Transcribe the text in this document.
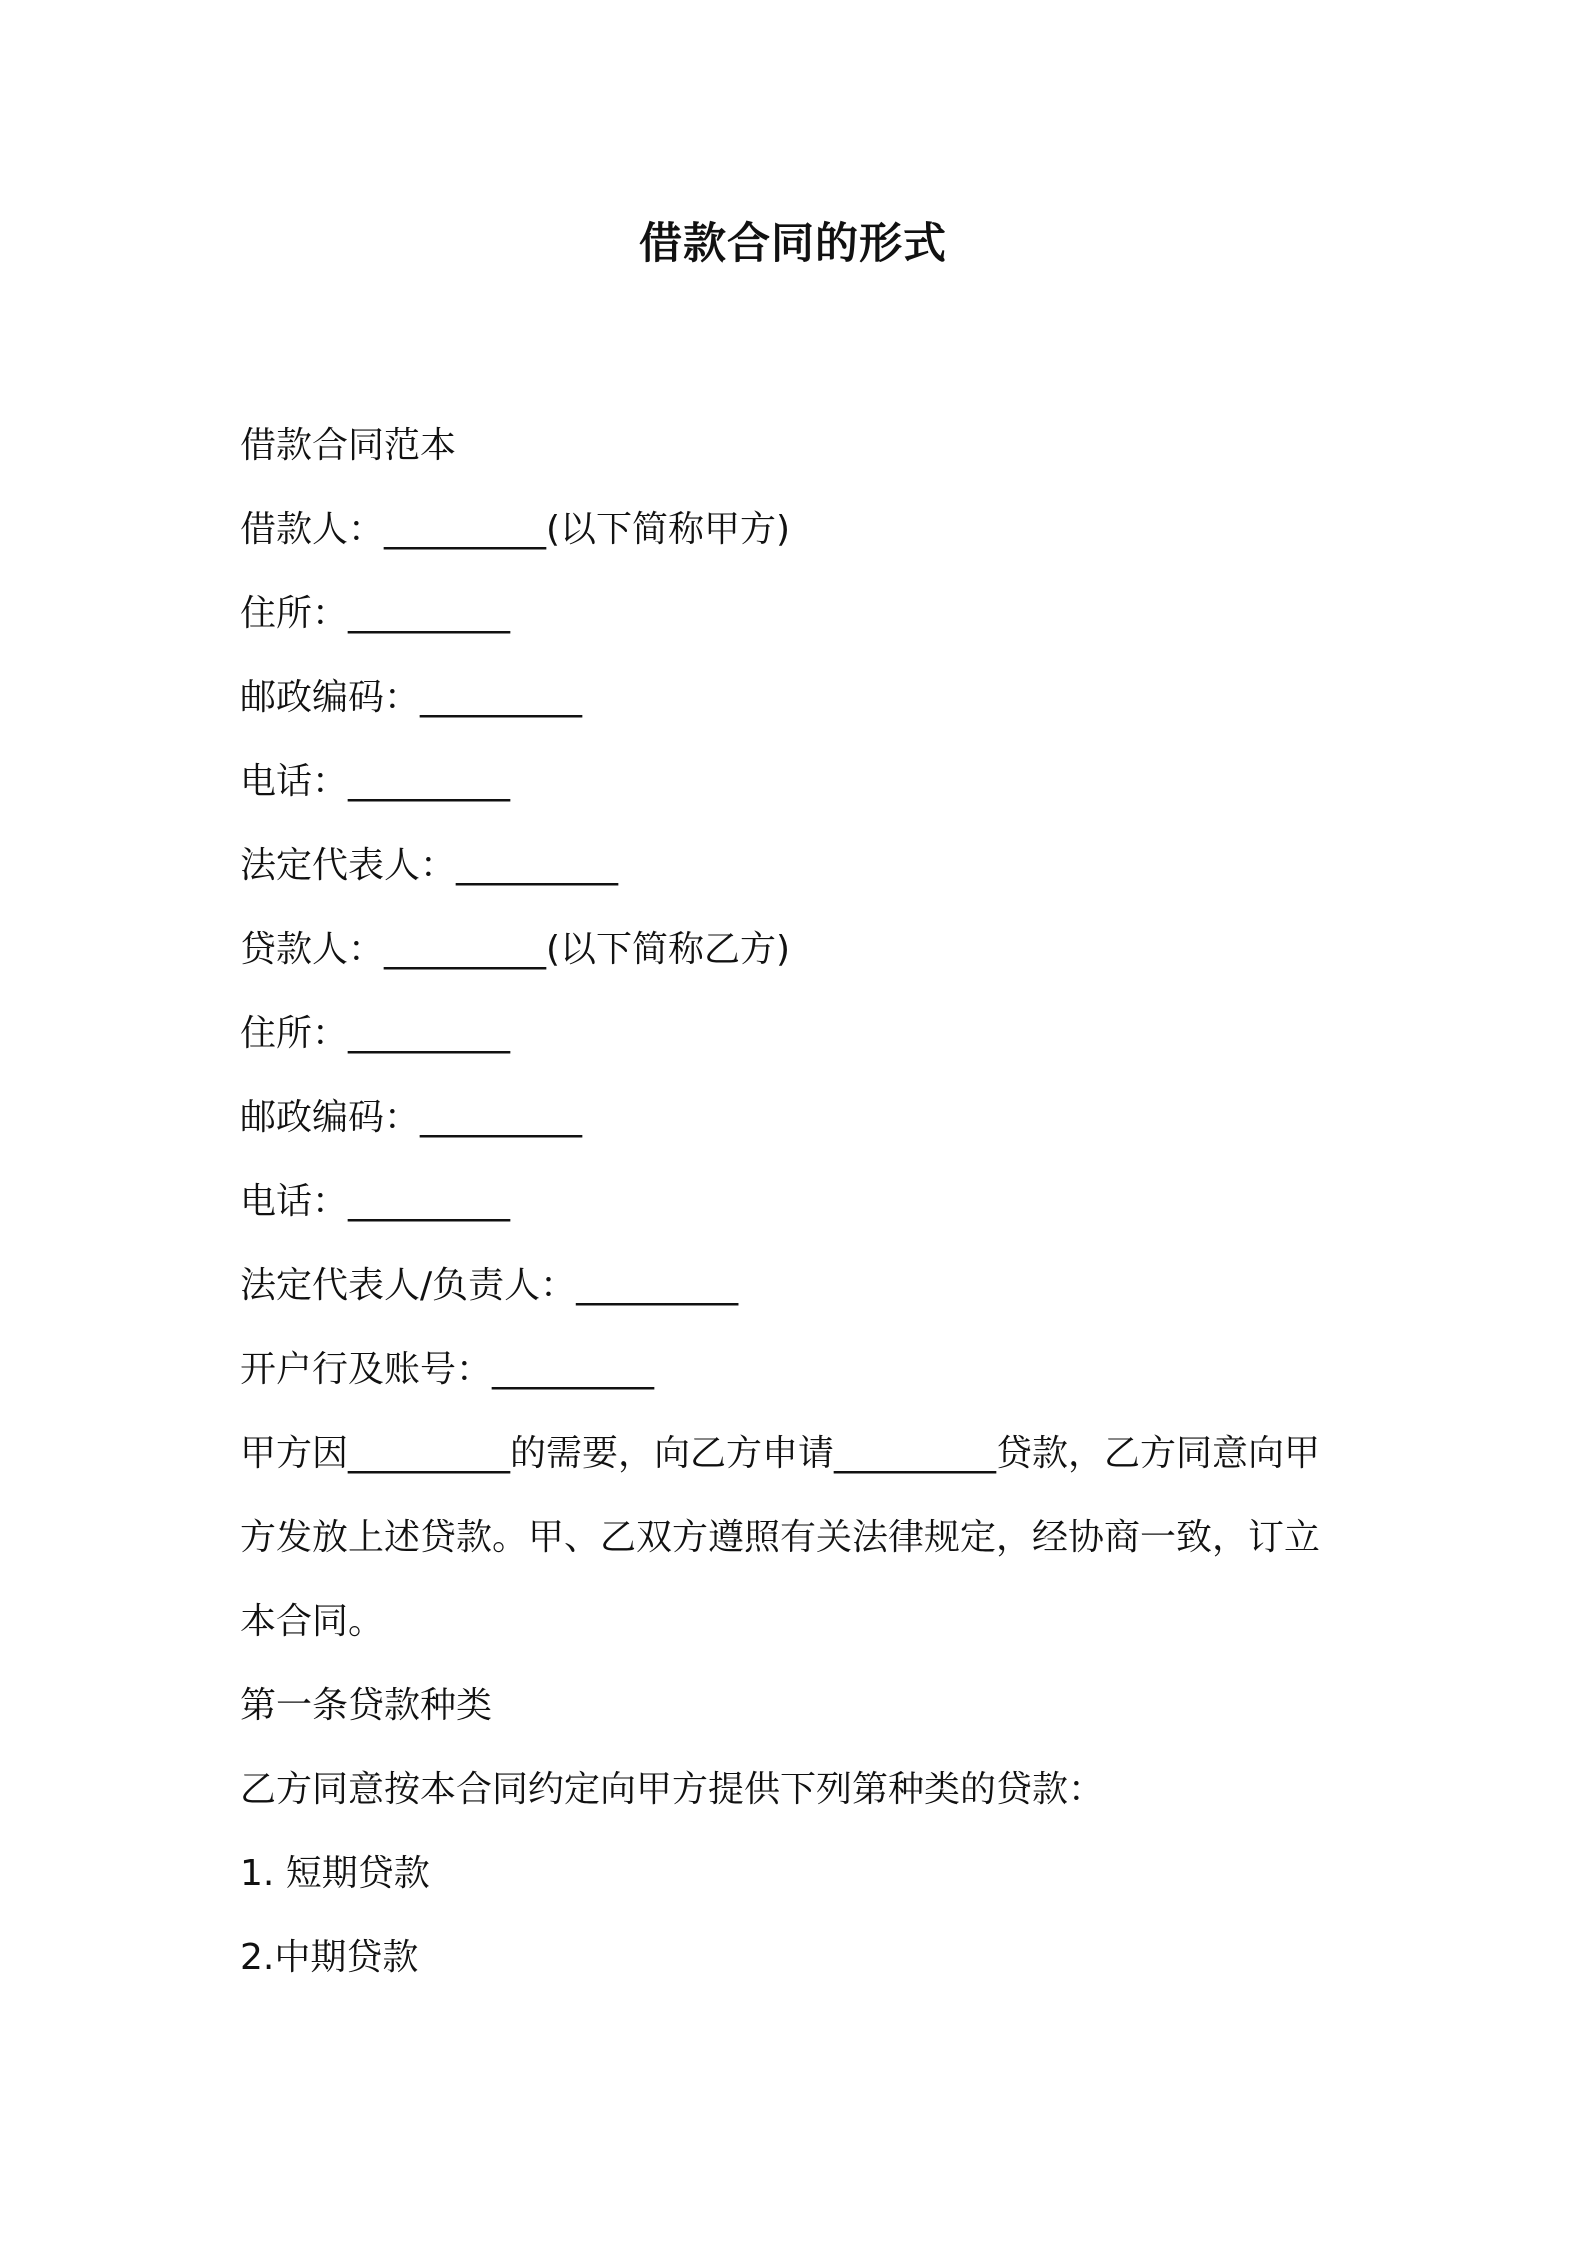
借款合同的形式
借款合同范本
借款人：_________(以下简称甲方)
住所：_________
邮政编码：_________
电话：_________
法定代表人：_________
贷款人：_________(以下简称乙方)
住所：_________
邮政编码：_________
电话：_________
法定代表人/负责人：_________
开户行及账号：_________
甲方因_________的需要，向乙方申请_________贷款，乙方同意向甲
方发放上述贷款。甲、乙双方遵照有关法律规定，经协商一致，订立
本合同。
第一条贷款种类
乙方同意按本合同约定向甲方提供下列第种类的贷款：
1. 短期贷款
2.中期贷款
